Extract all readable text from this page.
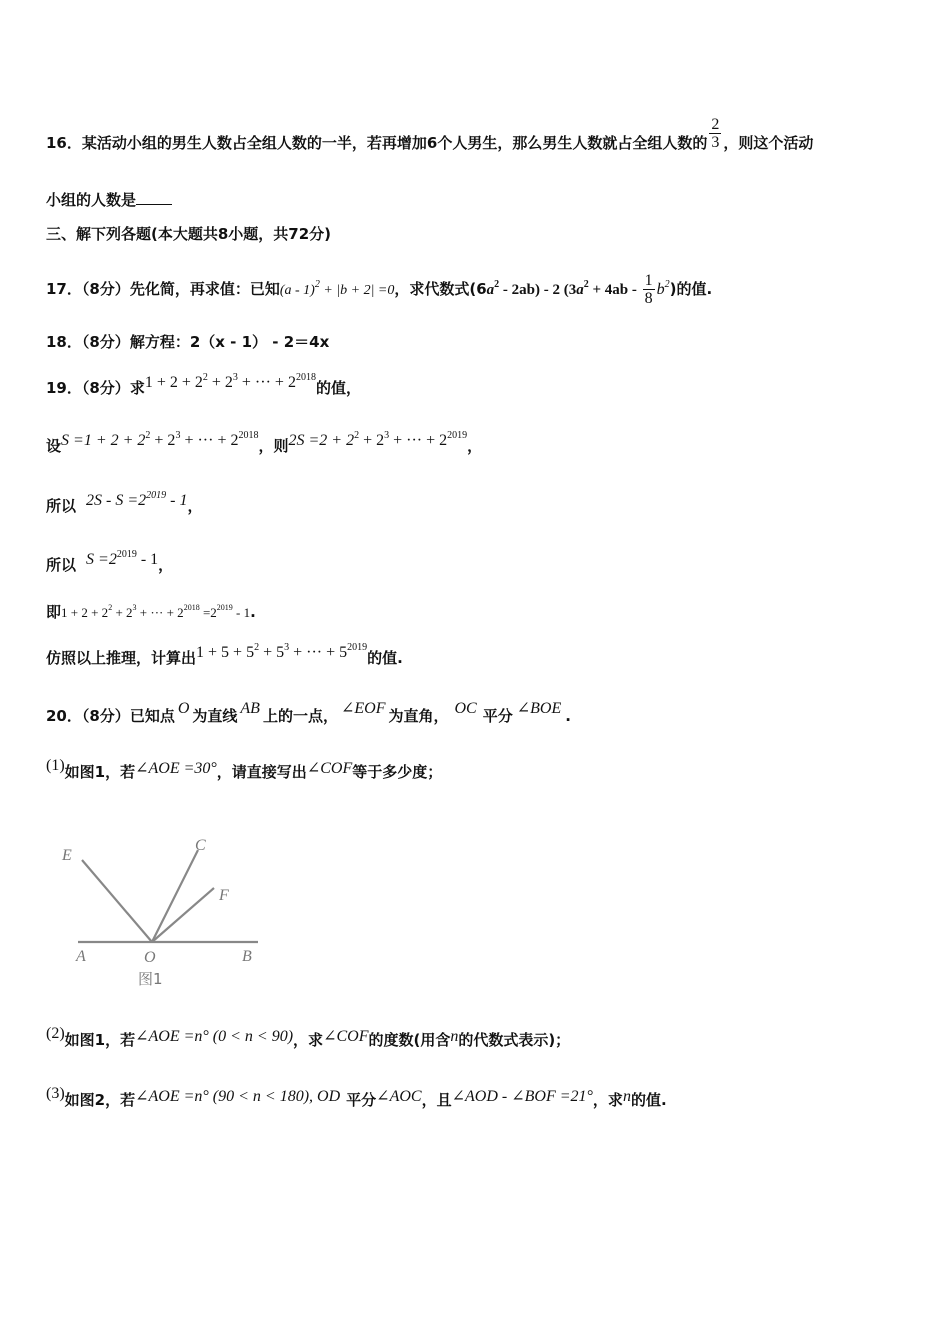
16．某活动小组的男生人数占全组人数的一半，若再增加6个人男生，那么男生人数就占全组人数的 $\frac{2}{3}$ ，则这个活动
小组的人数是
三、解下列各题(本大题共8小题，共72分)
17．（8分）先化简，再求值：已知(a - 1)$^2$ + |b + 2| =0，求代数式$(6a^2 - 2ab) - 2$ $(3a^2 + 4ab - \frac{1}{8} b^2)$的值.
18．（8分）解方程：2（x - 1） - 2＝4x
19．（8分）求$1 + 2 + 2^2 + 2^3$ + ··· + $2^{2018}$的值，
设$S =1 + 2 + 2^2 + 2^3$ + ··· + $2^{2018}$，则$2S =2 + 2^2 + 2^3$ + ··· + $2^{2019}$，
所以 $2S - S =2^{2019} - 1$，
所以 $S =2^{2019} - 1$，
即$1 + 2 + 2^2 + 2^3$ + ··· + $2^{2018} =2^{2019} - 1$.
仿照以上推理，计算出$1 + 5 + 5^2 + 5^3$ + ··· + $5^{2019}$的值.
20．（8分）已知点 O 为直线 AB 上的一点， ∠EOF 为直角， OC 平分 ∠BOE .
(1)如图1，若∠AOE =30°，请直接写出∠COF等于多少度；
E
C
F
A	O	B
图1
(2)如图1，若∠AOE =n° (0 < n < 90)，求∠COF的度数(用含n的代数式表示)；
(3)如图2，若∠AOE =n° (90 < n < 180), OD 平分∠AOC，且∠AOD - ∠BOF =21°，求n的值.
